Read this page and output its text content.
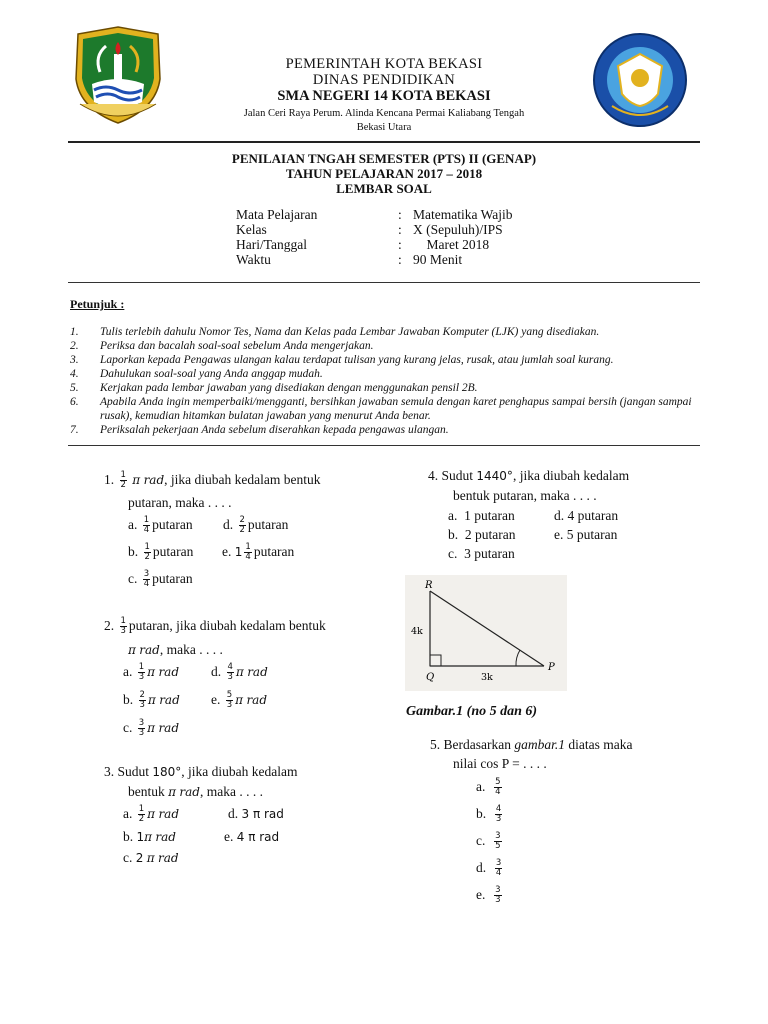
PEMERINTAH KOTA BEKASI
DINAS PENDIDIKAN
SMA NEGERI 14 KOTA BEKASI
Jalan Ceri Raya Perum. Alinda Kencana Permai Kaliabang Tengah
Bekasi Utara
PENILAIAN TNGAH SEMESTER (PTS) II (GENAP)
TAHUN PELAJARAN 2017 – 2018
LEMBAR SOAL
Mata Pelajaran	: Matematika Wajib
Kelas	: X (Sepuluh)/IPS
Hari/Tanggal	: Maret 2018
Waktu	: 90 Menit
Petunjuk :
1. Tulis terlebih dahulu Nomor Tes, Nama dan Kelas pada Lembar Jawaban Komputer (LJK) yang disediakan.
2. Periksa dan bacalah soal-soal sebelum Anda mengerjakan.
3. Laporkan kepada Pengawas ulangan kalau terdapat tulisan yang kurang jelas, rusak, atau jumlah soal kurang.
4. Dahulukan soal-soal yang Anda anggap mudah.
5. Kerjakan pada lembar jawaban yang disediakan dengan menggunakan pensil 2B.
6. Apabila Anda ingin memperbaiki/mengganti, bersihkan jawaban semula dengan karet penghapus sampai bersih (jangan sampai rusak), kemudian hitamkan bulatan jawaban yang menurut Anda benar.
7. Periksalah pekerjaan Anda sebelum diserahkan kepada pengawas ulangan.
1. $\frac{1}{2}$ π rad, jika diubah kedalam bentuk
putaran, maka . . . .
a. $\frac{1}{4}$ putaran d. $\frac{2}{2}$ putaran
b. $\frac{1}{2}$ putaran e. $1 \frac{1}{4}$ putaran
c. $\frac{3}{4}$ putaran
2. $\frac{1}{3}$ putaran, jika diubah kedalam bentuk
π rad, maka . . . .
a. $\frac{1}{3}$ π rad d. $\frac{4}{3}$ π rad
b. $\frac{2}{3}$ π rad e. $\frac{5}{3}$ π rad
c. $\frac{3}{3}$ π rad
3. Sudut 180°, jika diubah kedalam
bentuk π rad, maka . . . .
a. $\frac{1}{2}$ π rad	d. 3 π rad
b. 1π rad	e. 4 π rad
c. 2 π rad
4. Sudut 1440°, jika diubah kedalam
bentuk putaran, maka . . . .
a. 1 putaran	d. 4 putaran
b. 2 putaran	e. 5 putaran
c. 3 putaran
R
Q
P
4k
3k
Gambar.1 (no 5 dan 6)
5. Berdasarkan gambar.1 diatas maka
nilai cos P = . . . .
a. $\frac{5}{4}$
b. $\frac{4}{3}$
c. $\frac{3}{5}$
d. $\frac{3}{4}$
e. $\frac{3}{3}$
